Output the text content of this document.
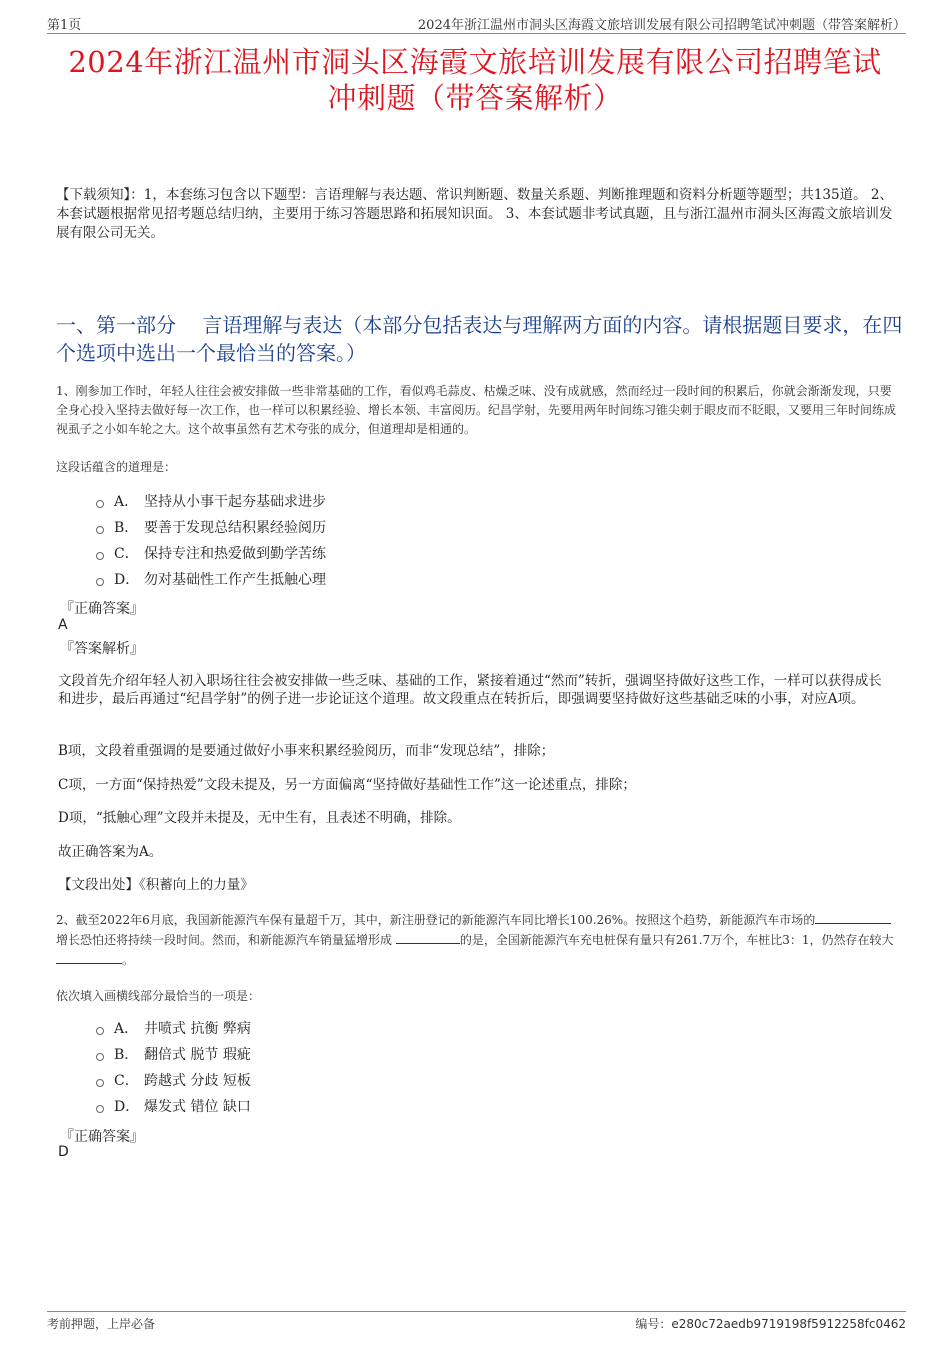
第1页	2024年浙江温州市洞头区海霞文旅培训发展有限公司招聘笔试冲刺题（带答案解析）
2024年浙江温州市洞头区海霞文旅培训发展有限公司招聘笔试
冲刺题（带答案解析）
【下载须知】：1，本套练习包含以下题型：言语理解与表达题、常识判断题、数量关系题、判断推理题和资料分析题等题型；共135道。 2、本套试题根据常见招考题总结归纳，主要用于练习答题思路和拓展知识面。 3、本套试题非考试真题，且与浙江温州市洞头区海霞文旅培训发展有限公司无关。
一、第一部分　 言语理解与表达（本部分包括表达与理解两方面的内容。请根据题目要求，在四个选项中选出一个最恰当的答案。）
1、刚参加工作时，年轻人往往会被安排做一些非常基础的工作，看似鸡毛蒜皮、枯燥乏味、没有成就感，然而经过一段时间的积累后，你就会渐渐发现，只要全身心投入坚持去做好每一次工作，也一样可以积累经验、增长本领、丰富阅历。纪昌学射，先要用两年时间练习锥尖刺于眼皮而不眨眼，又要用三年时间练成视虱子之小如车轮之大。这个故事虽然有艺术夸张的成分，但道理却是相通的。
这段话蕴含的道理是：
A． 坚持从小事干起夯基础求进步
B． 要善于发现总结积累经验阅历
C． 保持专注和热爱做到勤学苦练
D． 勿对基础性工作产生抵触心理
『正确答案』
A
『答案解析』
文段首先介绍年轻人初入职场往往会被安排做一些乏味、基础的工作，紧接着通过“然而”转折，强调坚持做好这些工作，一样可以获得成长和进步，最后再通过“纪昌学射”的例子进一步论证这个道理。故文段重点在转折后，即强调要坚持做好这些基础乏味的小事，对应A项。
B项，文段着重强调的是要通过做好小事来积累经验阅历，而非“发现总结”，排除；
C项，一方面“保持热爱”文段未提及，另一方面偏离“坚持做好基础性工作”这一论述重点，排除；
D项，“抵触心理”文段并未提及，无中生有，且表述不明确，排除。
故正确答案为A。
【文段出处】《积蓄向上的力量》
2、截至2022年6月底，我国新能源汽车保有量超千万，其中，新注册登记的新能源汽车同比增长100.26%。按照这个趋势，新能源汽车市场的增长恐怕还将持续一段时间。然而，和新能源汽车销量猛增形成	的是，全国新能源汽车充电桩保有量只有261.7万个，车桩比3：1，仍然存在较大 。
依次填入画横线部分最恰当的一项是：
A． 井喷式 抗衡 弊病
B． 翻倍式 脱节 瑕疵
C． 跨越式 分歧 短板
D． 爆发式 错位 缺口
『正确答案』
D
考前押题，上岸必备	编号：e280c72aedb9719198f5912258fc0462
